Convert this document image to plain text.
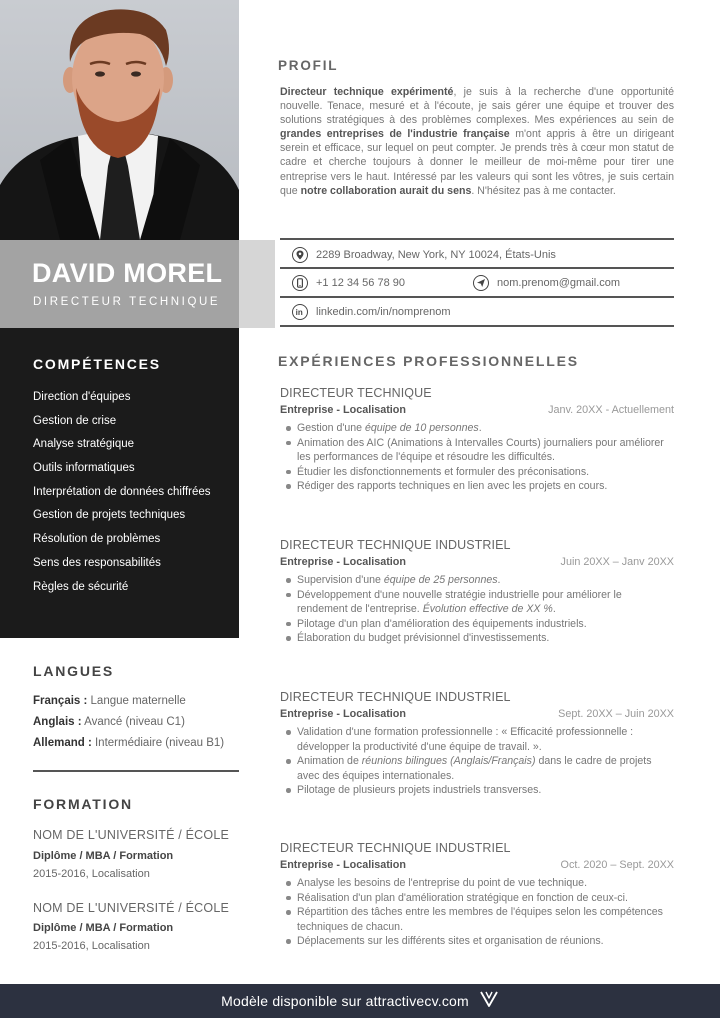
DAVID MOREL
DIRECTEUR TECHNIQUE
COMPÉTENCES
Direction d'équipes
Gestion de crise
Analyse stratégique
Outils informatiques
Interprétation de données chiffrées
Gestion de projets techniques
Résolution de problèmes
Sens des responsabilités
Règles de sécurité
LANGUES
Français : Langue maternelle
Anglais : Avancé (niveau C1)
Allemand : Intermédiaire (niveau B1)
FORMATION
NOM DE L'UNIVERSITÉ / ÉCOLE
Diplôme / MBA / Formation
2015-2016, Localisation
NOM DE L'UNIVERSITÉ / ÉCOLE
Diplôme / MBA / Formation
2015-2016, Localisation
PROFIL
Directeur technique expérimenté, je suis à la recherche d'une opportunité nouvelle. Tenace, mesuré et à l'écoute, je sais gérer une équipe et trouver des solutions stratégiques à des problèmes complexes. Mes expériences au sein de grandes entreprises de l'industrie française m'ont appris à être un dirigeant serein et efficace, sur lequel on peut compter. Je prends très à cœur mon statut de cadre et cherche toujours à donner le meilleur de moi-même pour tirer une entreprise vers le haut. Intéressé par les valeurs qui sont les vôtres, je suis certain que notre collaboration aurait du sens. N'hésitez pas à me contacter.
2289 Broadway, New York, NY 10024, États-Unis
+1 12 34 56 78 90	nom.prenom@gmail.com
in linkedin.com/in/nomprenom
EXPÉRIENCES PROFESSIONNELLES
DIRECTEUR TECHNIQUE
Entreprise - Localisation	Janv. 20XX - Actuellement
Gestion d'une équipe de 10 personnes.
Animation des AIC (Animations à Intervalles Courts) journaliers pour améliorer les performances de l'équipe et résoudre les difficultés.
Étudier les disfonctionnements et formuler des préconisations.
Rédiger des rapports techniques en lien avec les projets en cours.
DIRECTEUR TECHNIQUE INDUSTRIEL
Entreprise - Localisation	Juin 20XX – Janv 20XX
Supervision d'une équipe de 25 personnes.
Développement d'une nouvelle stratégie industrielle pour améliorer le rendement de l'entreprise. Évolution effective de XX %.
Pilotage d'un plan d'amélioration des équipements industriels.
Élaboration du budget prévisionnel d'investissements.
DIRECTEUR TECHNIQUE INDUSTRIEL
Entreprise - Localisation	Sept. 20XX – Juin 20XX
Validation d'une formation professionnelle : « Efficacité professionnelle : développer la productivité d'une équipe de travail. ».
Animation de réunions bilingues (Anglais/Français) dans le cadre de projets avec des équipes internationales.
Pilotage de plusieurs projets industriels transverses.
DIRECTEUR TECHNIQUE INDUSTRIEL
Entreprise - Localisation	Oct. 2020 – Sept. 20XX
Analyse les besoins de l'entreprise du point de vue technique.
Réalisation d'un plan d'amélioration stratégique en fonction de ceux-ci.
Répartition des tâches entre les membres de l'équipes selon les compétences techniques de chacun.
Déplacements sur les différents sites et organisation de réunions.
Modèle disponible sur attractivecv.com
